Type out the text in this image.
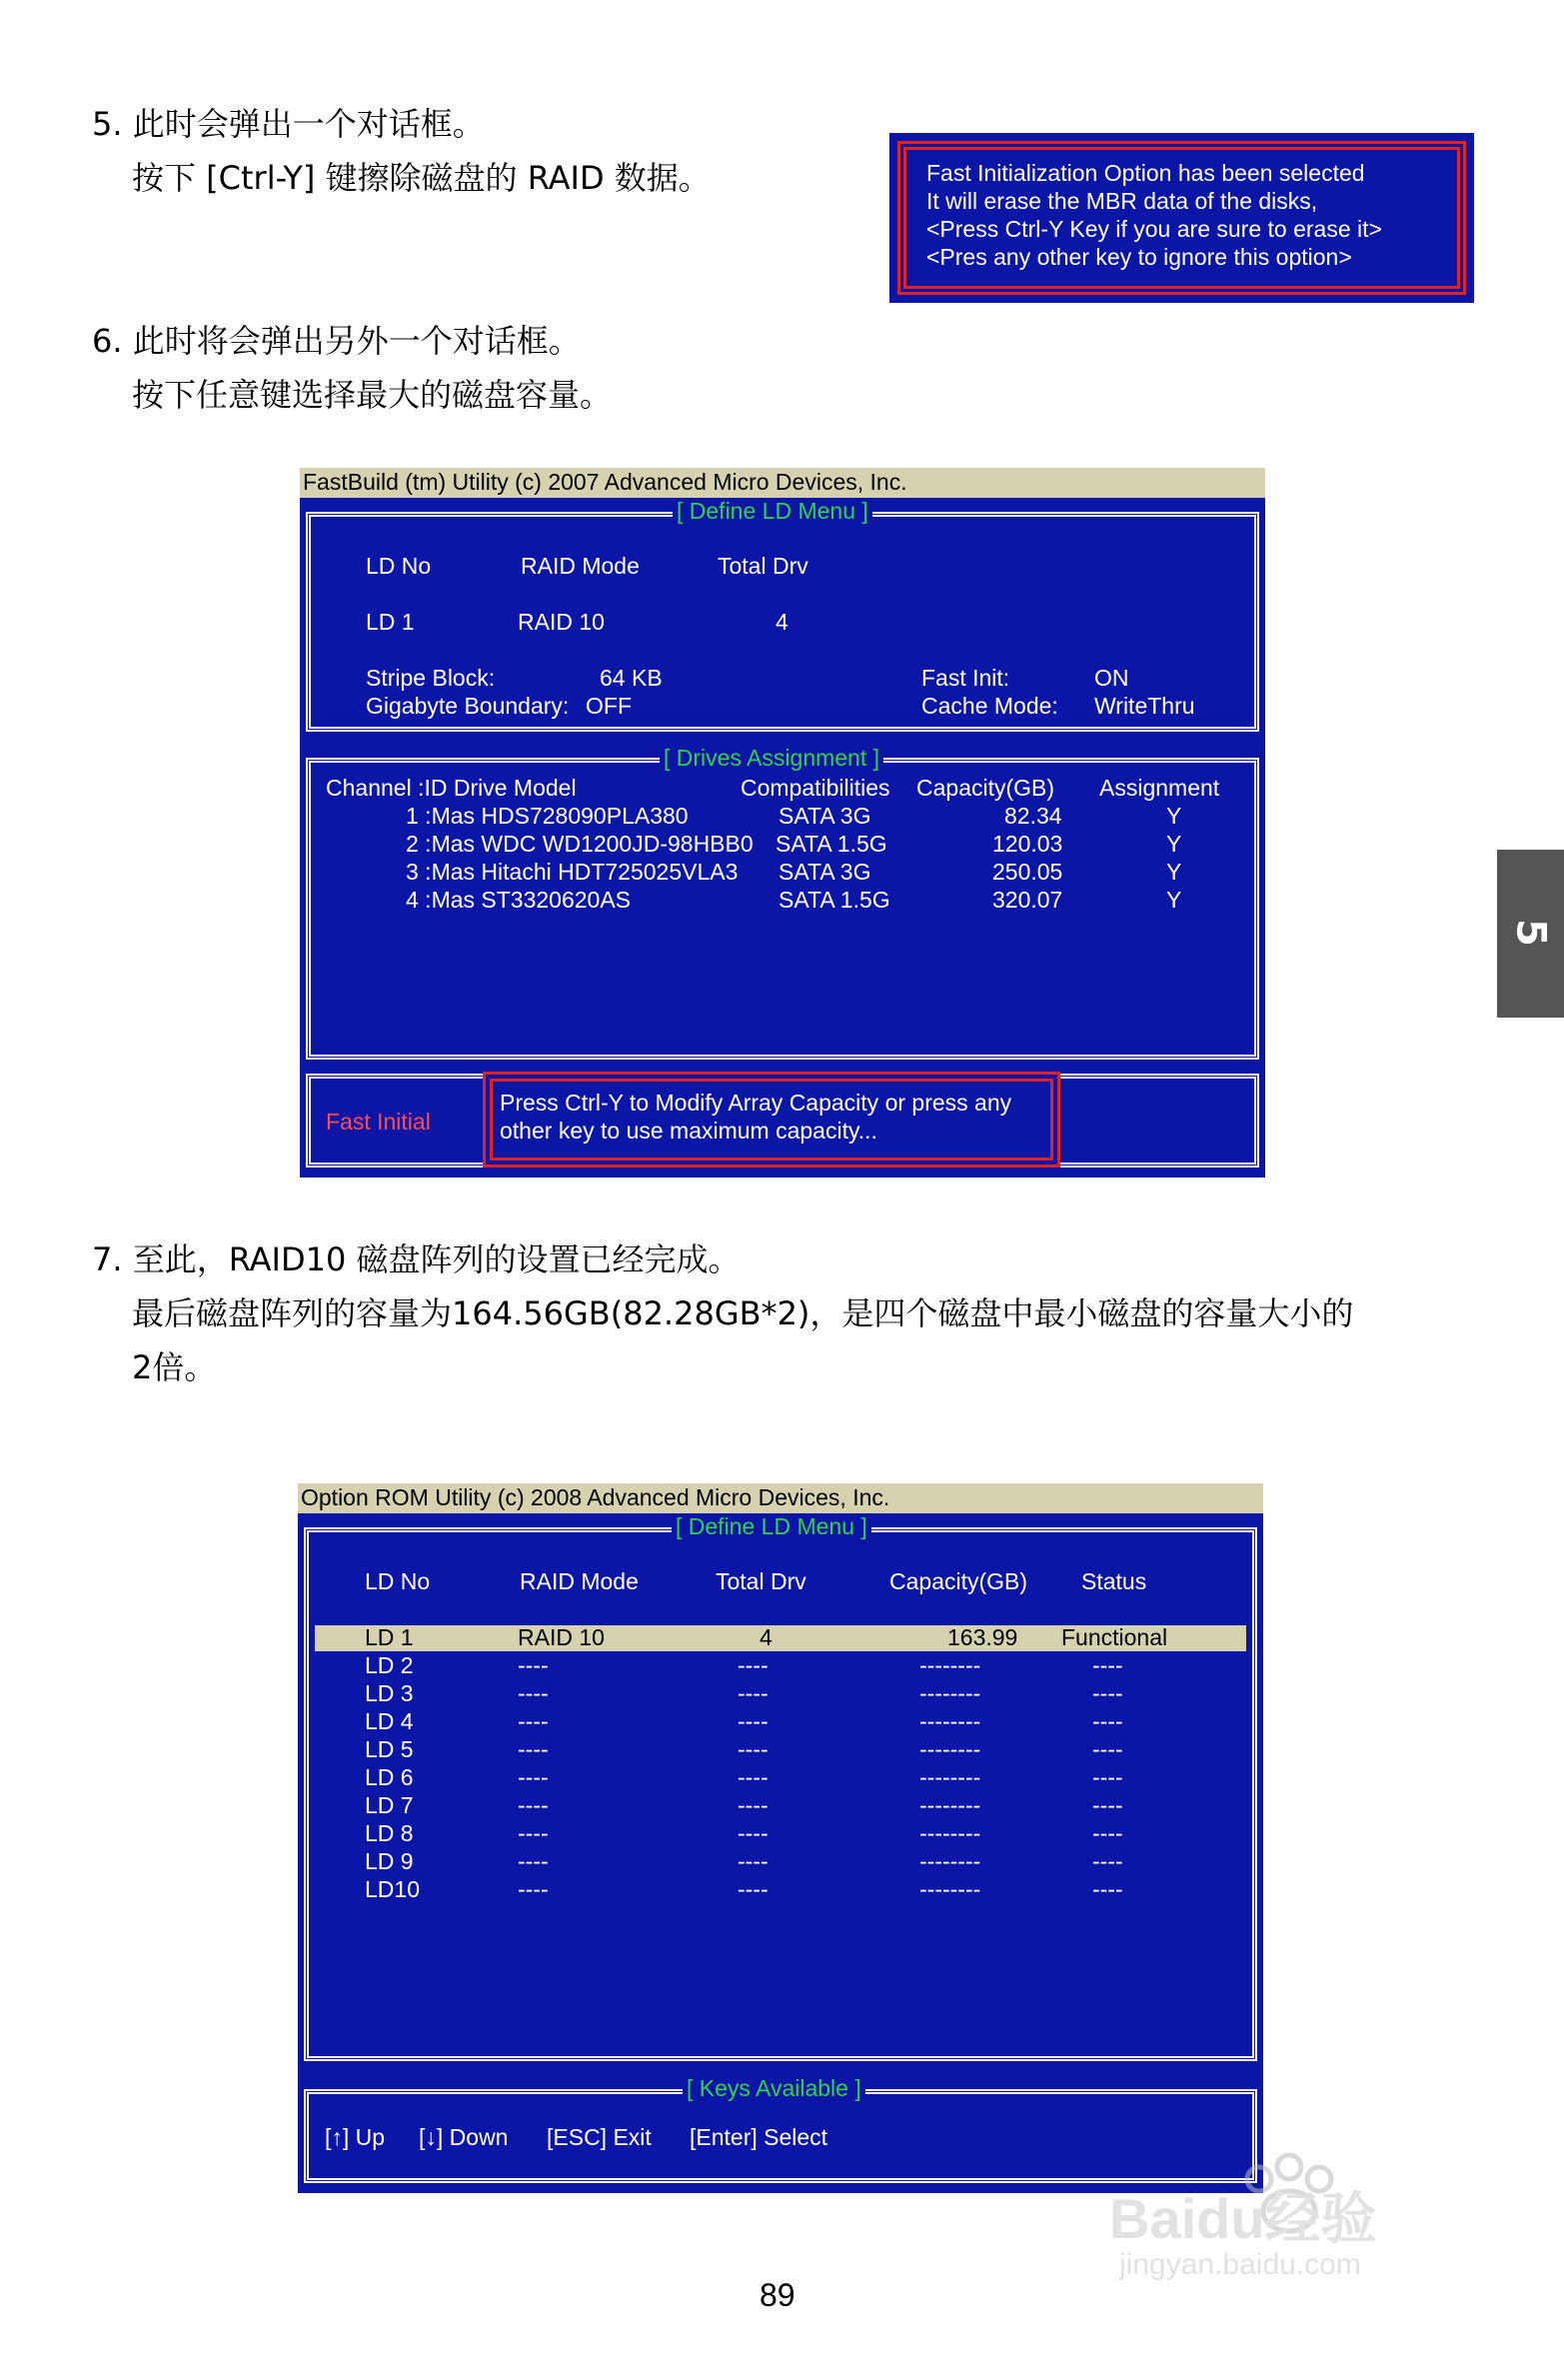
5. 此时会弹出一个对话框。
按下 [Ctrl-Y] 键擦除磁盘的 RAID 数据。	Fast Initialization Option has been selected
It will erase the MBR data of the disks,
<Press Ctrl-Y Key if you are sure to erase it>
<Pres any other key to ignore this option>
6. 此时将会弹出另外一个对话框。
按下任意键选择最大的磁盘容量。
FastBuild (tm) Utility (c) 2007 Advanced Micro Devices, Inc.
[ Define LD Menu ]
LD No	RAID Mode	Total Drv
LD 1	RAID 10	4
Stripe Block:	64 KB
Gigabyte Boundary: OFF
Fast Init:	ON
Cache Mode: WriteThru
[ Drives Assignment ]
Channel :ID Drive Model	Compatibilities Capacity(GB) Assignment
1 :Mas HDS728090PLA380	SATA 3G	82.34	Y
2 :Mas WDC WD1200JD-98HBB0 SATA 1.5G	120.03	Y
3 :Mas Hitachi HDT725025VLA3 SATA 3G	250.05	Y
4 :Mas ST3320620AS	SATA 1.5G	320.07	Y
Fast Initial
Press Ctrl-Y to Modify Array Capacity or press any
other key to use maximum capacity...
7. 至此，RAID10 磁盘阵列的设置已经完成。
最后磁盘阵列的容量为164.56GB(82.28GB*2)，是四个磁盘中最小磁盘的容量大小的
2倍。
Option ROM Utility (c) 2008 Advanced Micro Devices, Inc.
[ Define LD Menu ]
LD No	RAID Mode	Total Drv	Capacity(GB) Status
LD 1	RAID 10	4	163.99 Functional
LD 2	----	----	--------	----
LD 3	----	----	--------	----
LD 4	----	----	--------	----
LD 5	----	----	--------	----
LD 6	----	----	--------	----
LD 7	----	----	--------	----
LD 8	----	----	--------	----
LD 9	----	----	--------	----
LD10	----	----	--------	----
[ Keys Available ]
[↑] Up [↓] Down [ESC] Exit [Enter] Select
5
89
Baidu经验
jingyan.baidu.com
